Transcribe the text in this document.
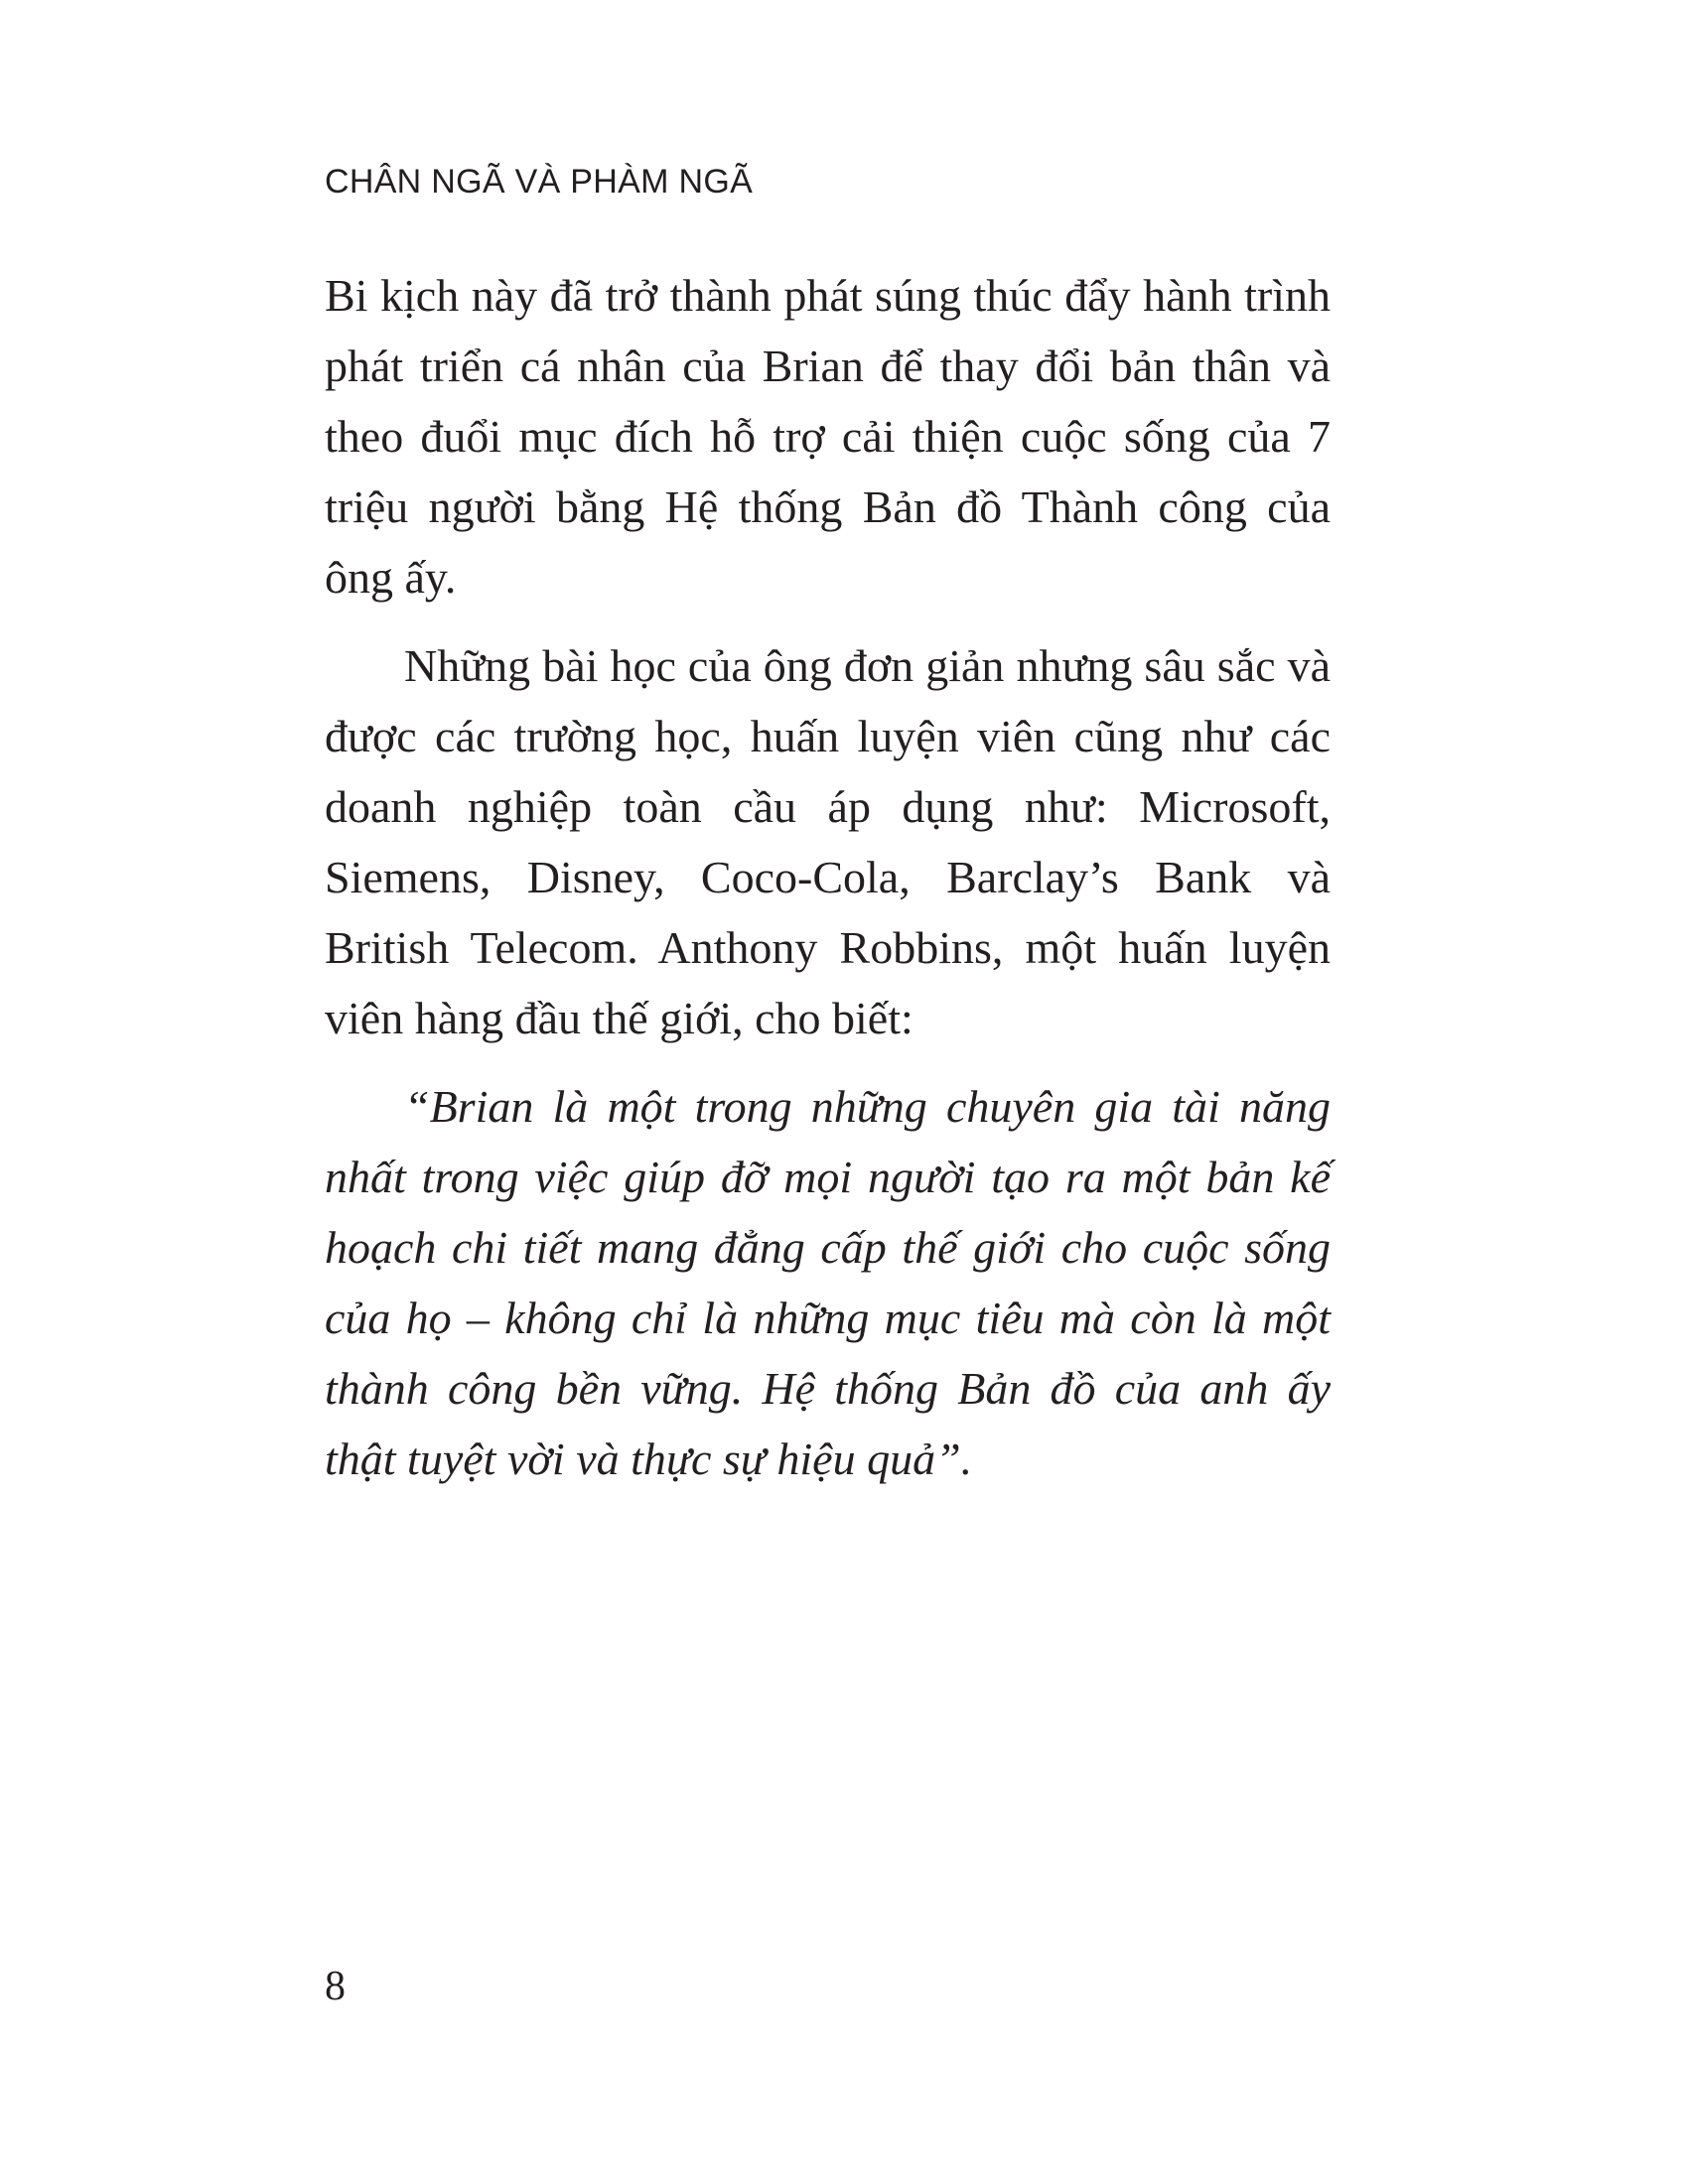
CHÂN NGÃ VÀ PHÀM NGÃ

Bi kịch này đã trở thành phát súng thúc đẩy hành trình phát triển cá nhân của Brian để thay đổi bản thân và theo đuổi mục đích hỗ trợ cải thiện cuộc sống của 7 triệu người bằng Hệ thống Bản đồ Thành công của ông ấy.

Những bài học của ông đơn giản nhưng sâu sắc và được các trường học, huấn luyện viên cũng như các doanh nghiệp toàn cầu áp dụng như: Microsoft, Siemens, Disney, Coco-Cola, Barclay’s Bank và British Telecom. Anthony Robbins, một huấn luyện viên hàng đầu thế giới, cho biết:

“Brian là một trong những chuyên gia tài năng nhất trong việc giúp đỡ mọi người tạo ra một bản kế hoạch chi tiết mang đẳng cấp thế giới cho cuộc sống của họ – không chỉ là những mục tiêu mà còn là một thành công bền vững. Hệ thống Bản đồ của anh ấy thật tuyệt vời và thực sự hiệu quả”.

8
